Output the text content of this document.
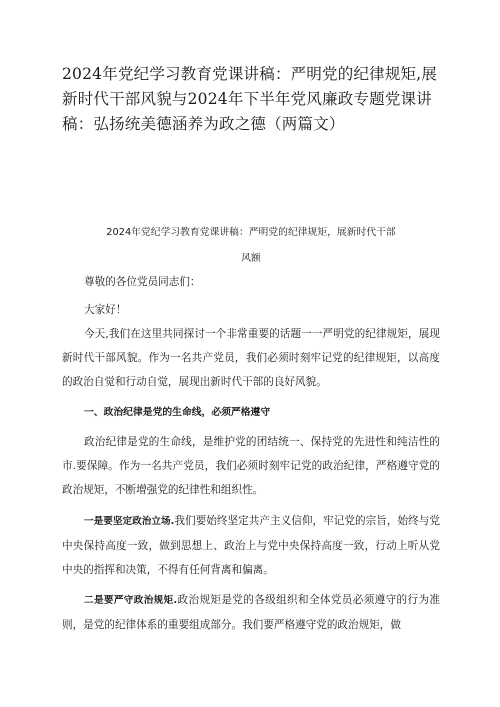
2024年党纪学习教育党课讲稿：严明党的纪律规矩,展新时代干部风貌与2024年下半年党风廉政专题党课讲稿：弘扬统美德涵养为政之德（两篇文）

2024年党纪学习教育党课讲稿：严明党的纪律规矩，展新时代干部

风额

尊敬的各位党员同志们：

大家好！

今天,我们在这里共同探讨一个非常重要的话题一一严明党的纪律规矩，展现新时代干部风貌。作为一名共产党员，我们必须时刻牢记党的纪律规矩，以高度的政治自觉和行动自觉，展现出新时代干部的良好风貌。

一、政治纪律是党的生命线，必须严格遵守

政治纪律是党的生命线，是维护党的团结统一、保持党的先进性和纯洁性的市.要保障。作为一名共产党员，我们必须时刻牢记党的政治纪律，严格遵守党的政治规矩，不断增强党的纪律性和组织性。

一是要坚定政治立场.我们要始终坚定共产主义信仰，牢记党的宗旨，始终与党中央保持高度一致，做到思想上、政治上与党中央保持高度一致，行动上听从党中央的指挥和决策，不得有任何背离和偏离。

二是要严守政治规矩.政治规矩是党的各级组织和全体党员必须遵守的行为准则，是党的纪律体系的重要组成部分。我们要严格遵守党的政治规矩，做
